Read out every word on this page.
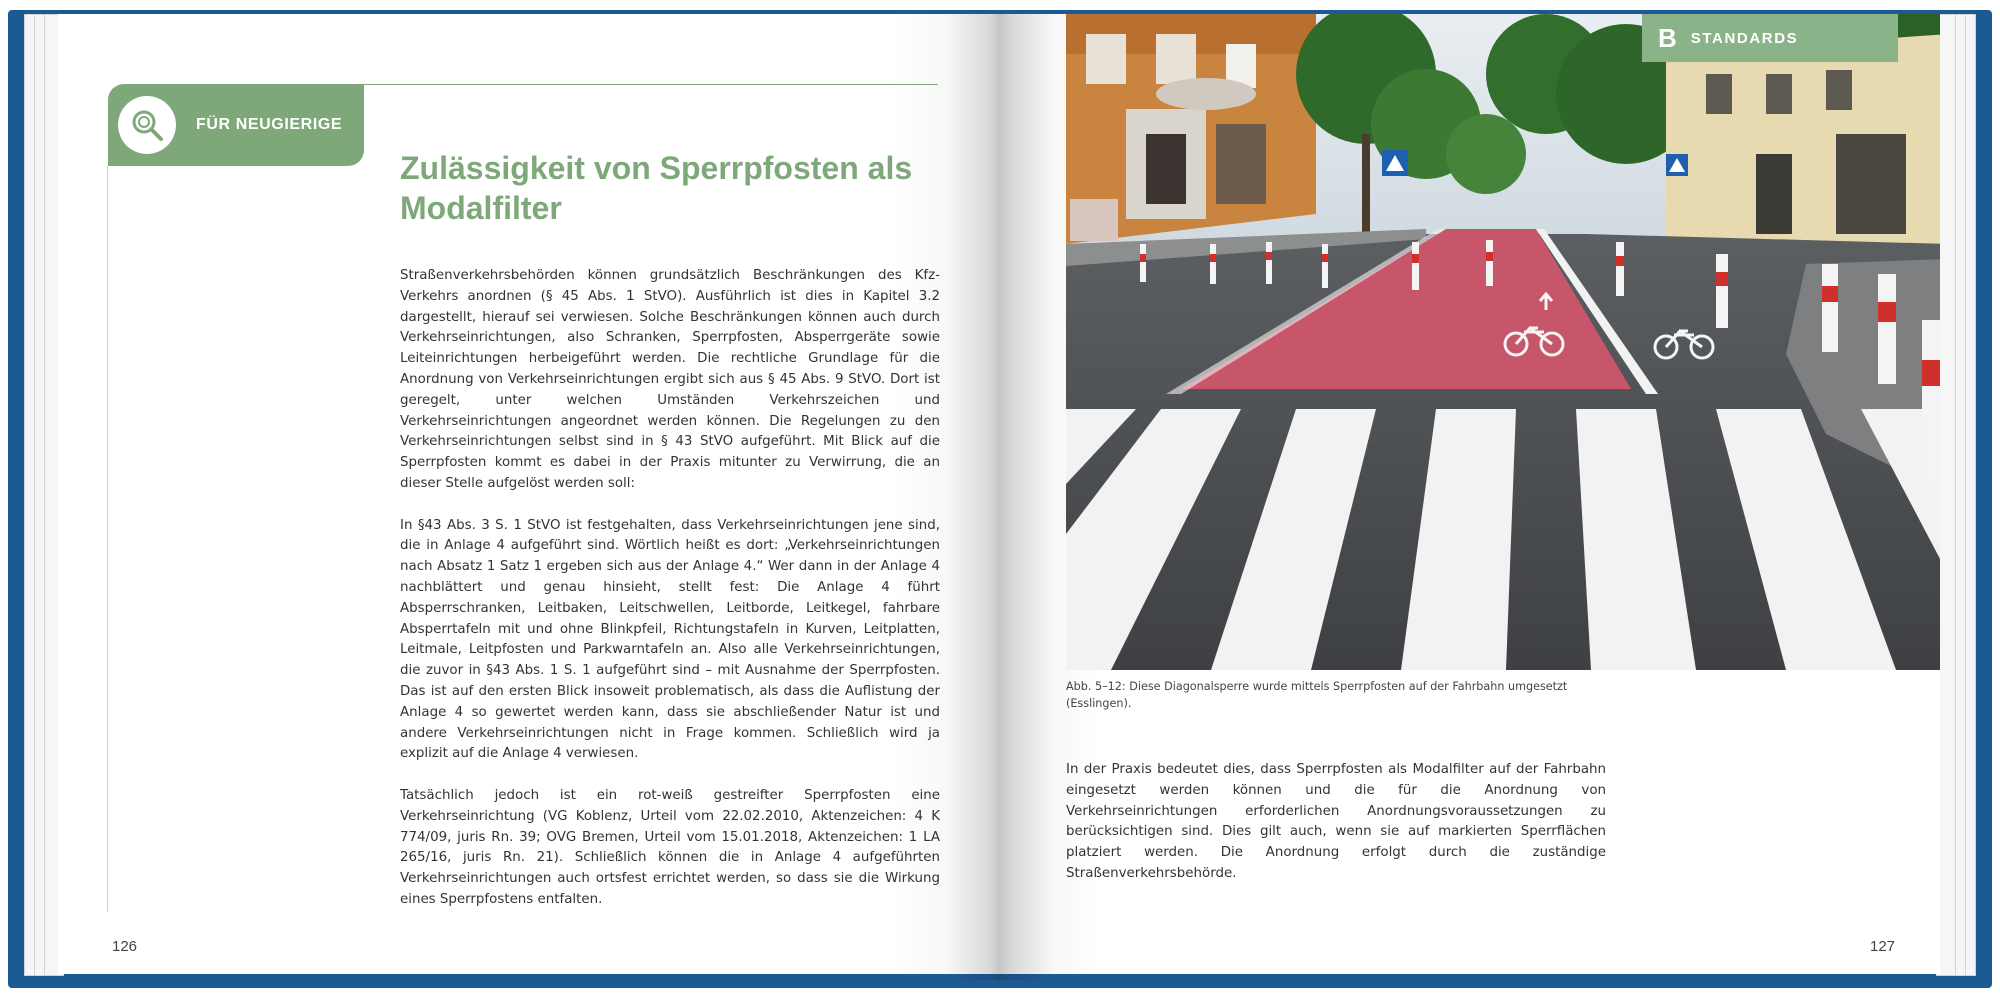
FÜR NEUGIERIGE
Zulässigkeit von Sperrpfosten als
Modalfilter

Straßenverkehrsbehörden können grundsätzlich Beschränkungen des Kfz-Verkehrs anordnen (§ 45 Abs. 1 StVO). Ausführlich ist dies in Kapitel 3.2 dargestellt, hierauf sei verwiesen. Solche Beschränkungen können auch durch Verkehrseinrichtungen, also Schranken, Sperrpfosten, Absperrgeräte sowie Leiteinrichtungen herbeigeführt werden. Die rechtliche Grundlage für die Anordnung von Verkehrseinrichtungen ergibt sich aus § 45 Abs. 9 StVO. Dort ist geregelt, unter welchen Umständen Verkehrszeichen und Verkehrseinrichtungen angeordnet werden können. Die Regelungen zu den Verkehrseinrichtungen selbst sind in § 43 StVO aufgeführt. Mit Blick auf die Sperrpfosten kommt es dabei in der Praxis mitunter zu Verwirrung, die an dieser Stelle aufgelöst werden soll:

In §43 Abs. 3 S. 1 StVO ist festgehalten, dass Verkehrseinrichtungen jene sind, die in Anlage 4 aufgeführt sind. Wörtlich heißt es dort: „Verkehrseinrichtungen nach Absatz 1 Satz 1 ergeben sich aus der Anlage 4.“ Wer dann in der Anlage 4 nachblättert und genau hinsieht, stellt fest: Die Anlage 4 führt Absperrschranken, Leitbaken, Leitschwellen, Leitborde, Leitkegel, fahrbare Absperrtafeln mit und ohne Blinkpfeil, Richtungstafeln in Kurven, Leitplatten, Leitmale, Leitpfosten und Parkwarntafeln an. Also alle Verkehrseinrichtungen, die zuvor in §43 Abs. 1 S. 1 aufgeführt sind – mit Ausnahme der Sperrpfosten. Das ist auf den ersten Blick insoweit problematisch, als dass die Auflistung der Anlage 4 so gewertet werden kann, dass sie abschließender Natur ist und andere Verkehrseinrichtungen nicht in Frage kommen. Schließlich wird ja explizit auf die Anlage 4 verwiesen.

Tatsächlich jedoch ist ein rot-weiß gestreifter Sperrpfosten eine Verkehrseinrichtung (VG Koblenz, Urteil vom 22.02.2010, Aktenzeichen: 4 K 774/09, juris Rn. 39; OVG Bremen, Urteil vom 15.01.2018, Aktenzeichen: 1 LA 265/16, juris Rn. 21). Schließlich können die in Anlage 4 aufgeführten Verkehrseinrichtungen auch ortsfest errichtet werden, so dass sie die Wirkung eines Sperrpfostens entfalten.

126
B STANDARDS

Abb. 5–12: Diese Diagonalsperre wurde mittels Sperrpfosten auf der Fahrbahn umgesetzt (Esslingen).

In der Praxis bedeutet dies, dass Sperrpfosten als Modalfilter auf der Fahrbahn eingesetzt werden können und die für die Anordnung von Verkehrseinrichtungen erforderlichen Anordnungsvoraussetzungen zu berücksichtigen sind. Dies gilt auch, wenn sie auf markierten Sperrflächen platziert werden. Die Anordnung erfolgt durch die zuständige Straßenverkehrsbehörde.

127
